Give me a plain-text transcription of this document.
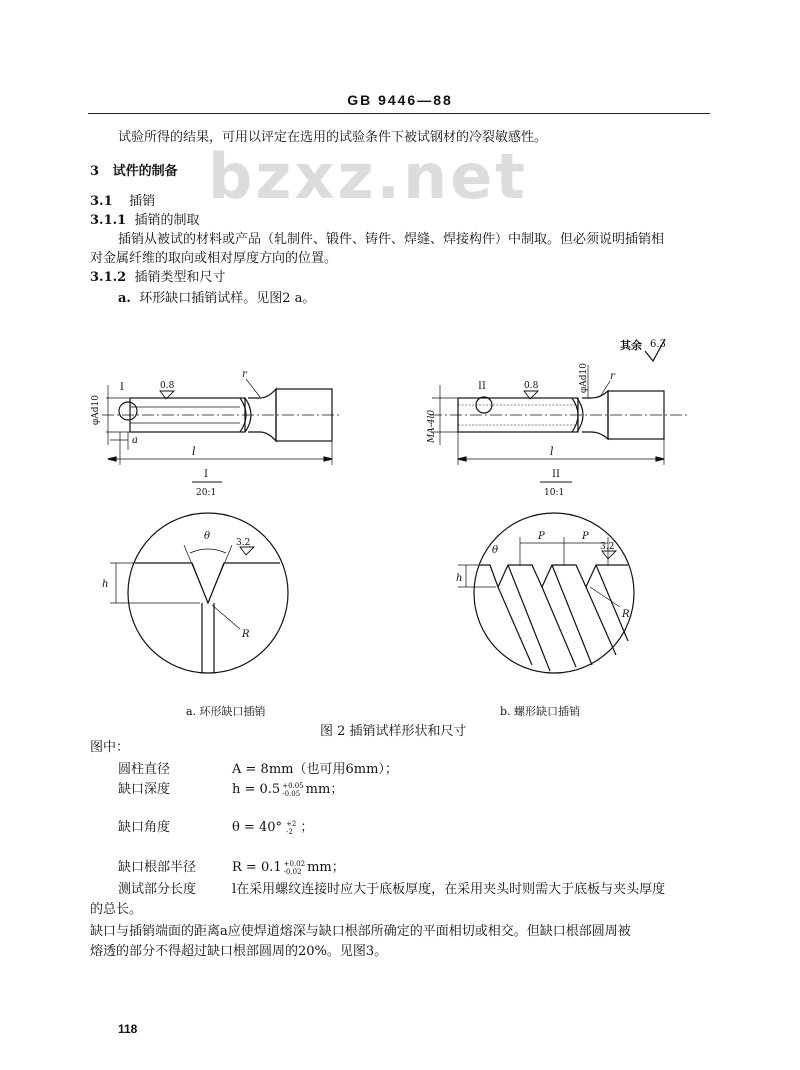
GB 9446—88
bzxz.net
试验所得的结果，可用以评定在选用的试验条件下被试钢材的冷裂敏感性。
3 试件的制备
3.1 插销
3.1.1 插销的制取
插销从被试的材料或产品（轧制件、锻件、铸件、焊缝、焊接构件）中制取。但必须说明插销相
对金属纤维的取向或相对厚度方向的位置。
3.1.2 插销类型和尺寸
a. 环形缺口插销试样。见图2 a。
其余 6.3
φAd10
I	0.8
r
a
l
I
20:1
θ
3.2
h
R
MA-4l0
II	0.8	φAd10 r
l
II
10:1
P	P
θ	3.2
h
R
a. 环形缺口插销	b. 螺形缺口插销
图 2 插销试样形状和尺寸
图中：
圆柱直径	A = 8mm（也可用6mm）；
缺口深度	h = 0.5 +0.05
-0.05 mm；
缺口角度	θ = 40° +2
-2 ；
缺口根部半径	R = 0.1 +0.02
-0.02 mm；
测试部分长度	l在采用螺纹连接时应大于底板厚度，在采用夹头时则需大于底板与夹头厚度
的总长。
缺口与插销端面的距离a应使焊道熔深与缺口根部所确定的平面相切或相交。但缺口根部圆周被
熔透的部分不得超过缺口根部圆周的20%。见图3。
118
